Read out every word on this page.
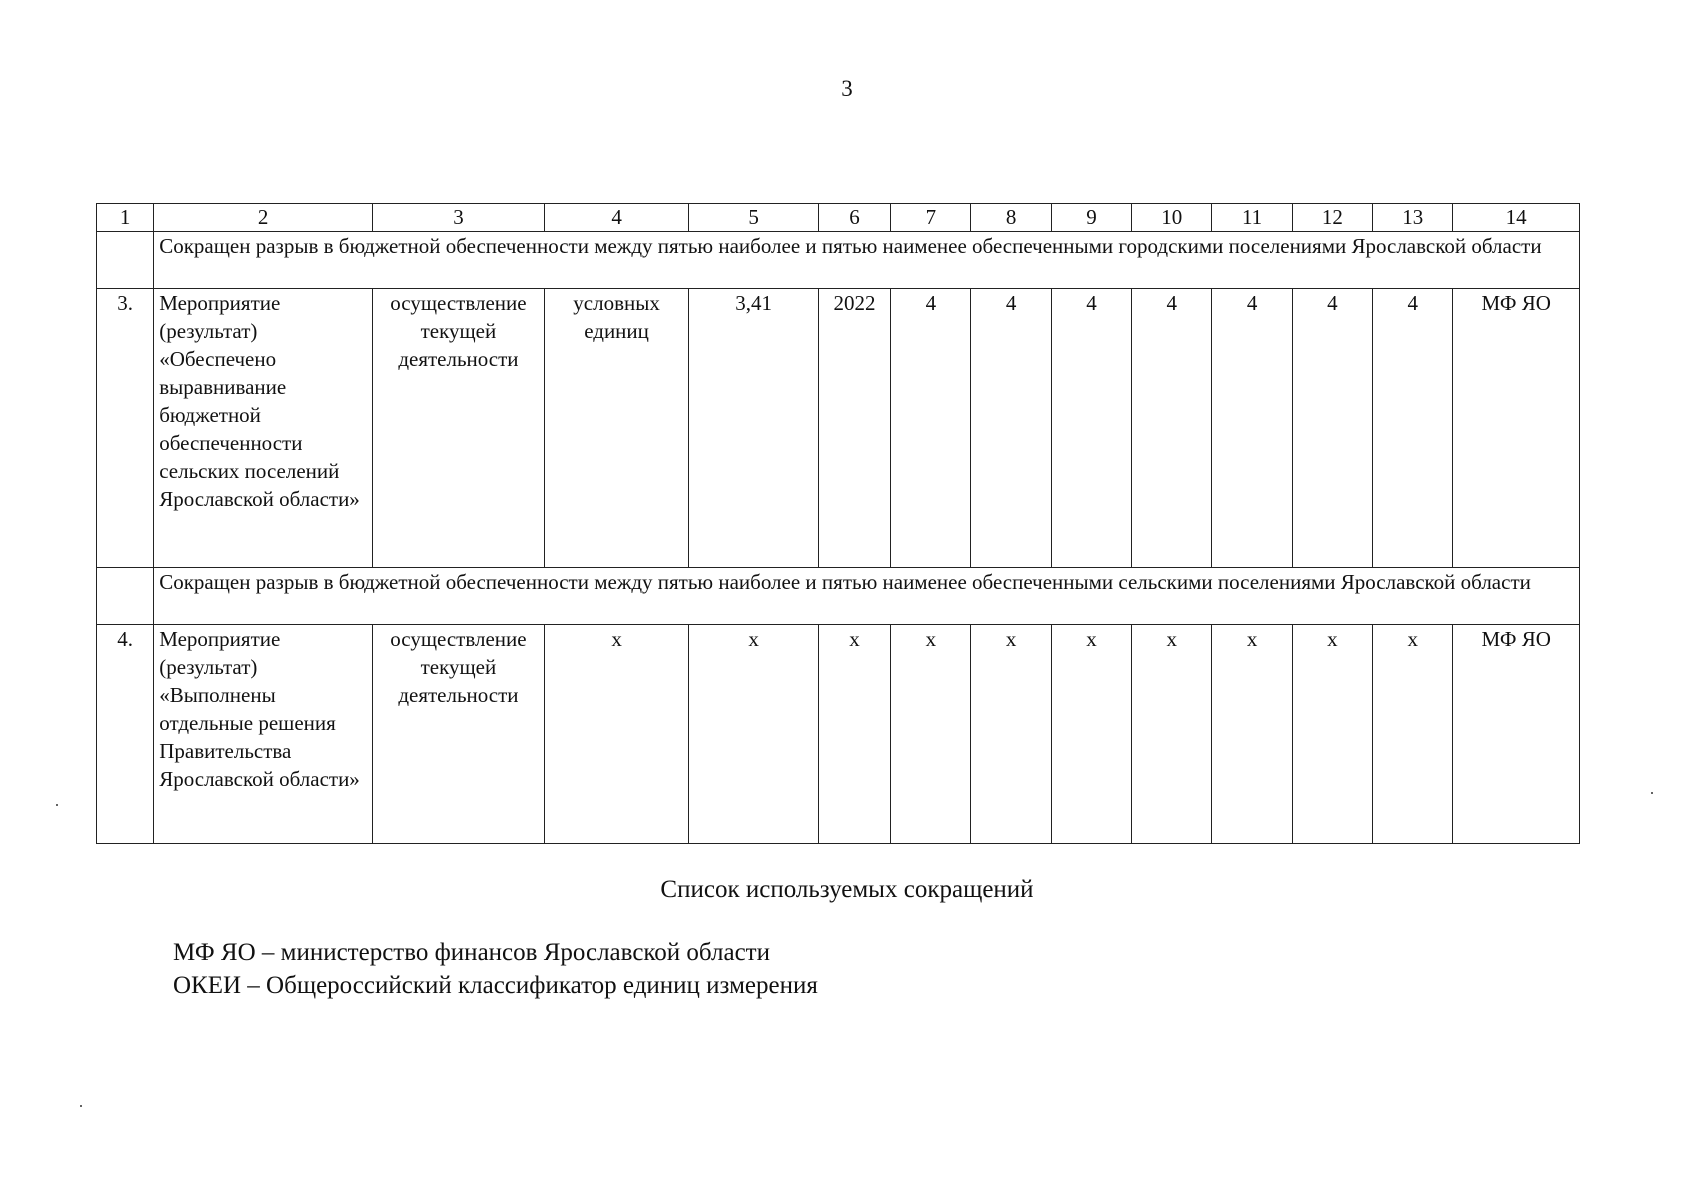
3
1	2	3	4	5	6	7	8	9	10	11	12	13	14
	Сокращен разрыв в бюджетной обеспеченности между пятью наиболее и пятью наименее обеспеченными городскими поселениями Ярославской области												
3.	Мероприятие (результат) «Обеспечено выравнивание бюджетной обеспеченности сельских поселений Ярославской области»	осуществление текущей деятельности	условных единиц	3,41	2022	4	4	4	4	4	4	4	МФ ЯО
	Сокращен разрыв в бюджетной обеспеченности между пятью наиболее и пятью наименее обеспеченными сельскими поселениями Ярославской области												
4.	Мероприятие (результат) «Выполнены отдельные решения Правительства Ярославской области»	осуществление текущей деятельности	х	х	х	х	х	х	х	х	х	х	МФ ЯО
Список используемых сокращений
МФ ЯО – министерство финансов Ярославской области
ОКЕИ – Общероссийский классификатор единиц измерения
